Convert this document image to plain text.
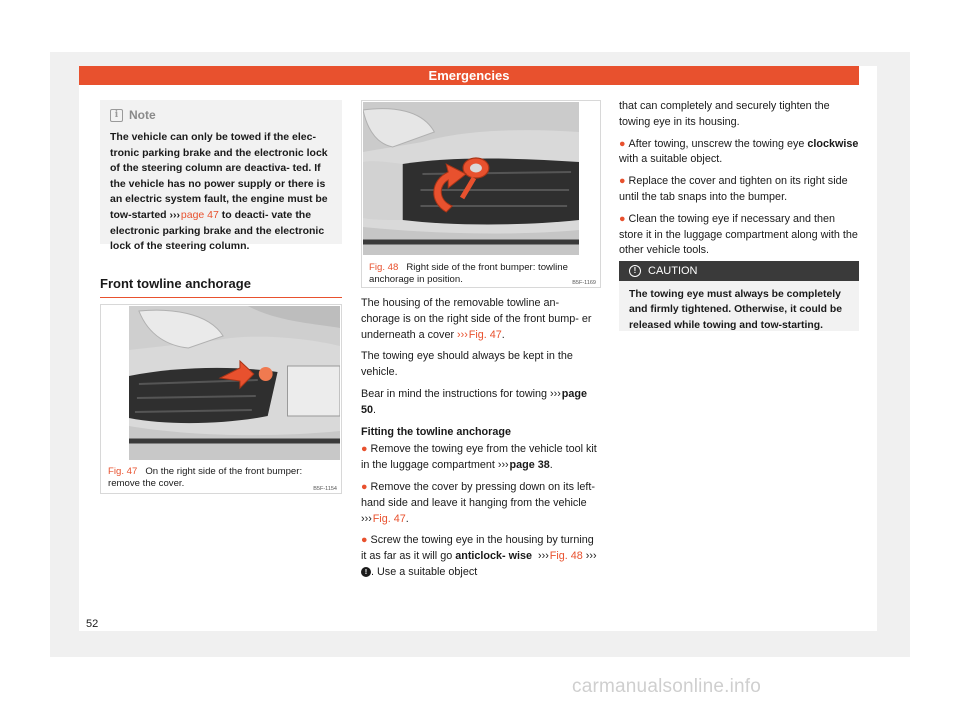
Emergencies
i Note
The vehicle can only be towed if the elec- tronic parking brake and the electronic lock of the steering column are deactiva- ted. If the vehicle has no power supply or there is an electric system fault, the engine must be tow-started ››› page 47 to deacti- vate the electronic parking brake and the electronic lock of the steering column.
Front towline anchorage
B5F-1154
Fig. 47 On the right side of the front bumper: remove the cover.
B5F-1169
Fig. 48 Right side of the front bumper: towline anchorage in position.
The housing of the removable towline an- chorage is on the right side of the front bump- er underneath a cover ››› Fig. 47.
The towing eye should always be kept in the vehicle.
Bear in mind the instructions for towing ››› page 50.
Fitting the towline anchorage
● Remove the towing eye from the vehicle tool kit in the luggage compartment ››› page 38.
● Remove the cover by pressing down on its left-hand side and leave it hanging from the vehicle ››› Fig. 47.
● Screw the towing eye in the housing by turning it as far as it will go anticlock- wise ››› Fig. 48 ››› ! . Use a suitable object
that can completely and securely tighten the towing eye in its housing.
● After towing, unscrew the towing eye clockwise with a suitable object.
● Replace the cover and tighten on its right side until the tab snaps into the bumper.
● Clean the towing eye if necessary and then store it in the luggage compartment along with the other vehicle tools.
!	CAUTION
The towing eye must always be completely and firmly tightened. Otherwise, it could be released while towing and tow-starting.
52
carmanualsonline.info
